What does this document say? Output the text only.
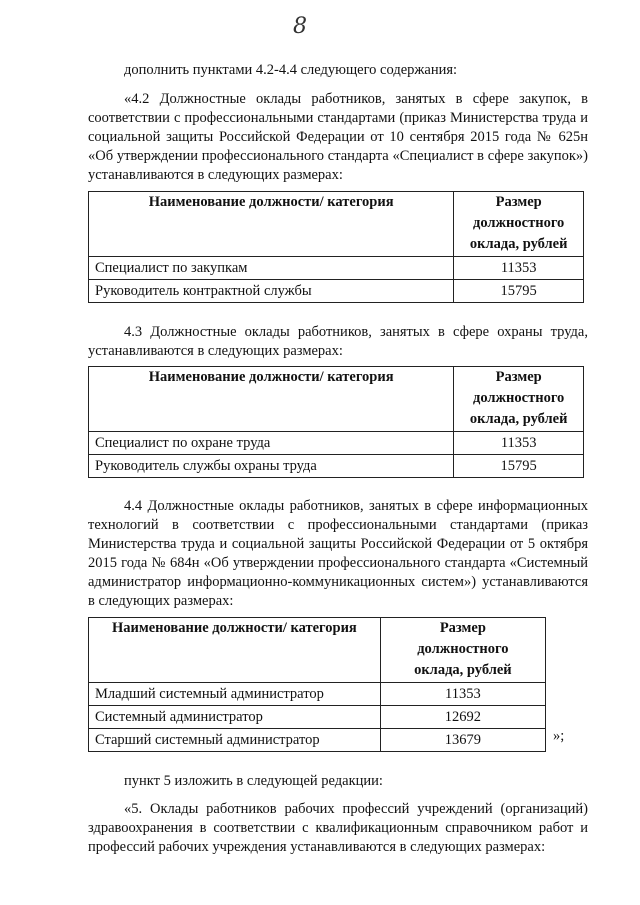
8
дополнить пунктами 4.2-4.4 следующего содержания:
«4.2 Должностные оклады работников, занятых в сфере закупок, в соответствии с профессиональными стандартами (приказ Министерства труда и социальной защиты Российской Федерации от 10 сентября 2015 года № 625н «Об утверждении профессионального стандарта «Специалист в сфере закупок») устанавливаются в следующих размерах:
Наименование должности/ категория	Размер
должностного
оклада, рублей

Специалист по закупкам	11353
Руководитель контрактной службы	15795
4.3 Должностные оклады работников, занятых в сфере охраны труда, устанавливаются в следующих размерах:
Наименование должности/ категория	Размер
должностного
оклада, рублей

Специалист по охране труда	11353
Руководитель службы охраны труда	15795
4.4 Должностные оклады работников, занятых в сфере информационных технологий в соответствии с профессиональными стандартами (приказ Министерства труда и социальной защиты Российской Федерации от 5 октября 2015 года № 684н «Об утверждении профессионального стандарта «Системный администратор информационно-коммуникационных систем») устанавливаются в следующих размерах:
Наименование должности/ категория	Размер
должностного
оклада, рублей

Младший системный администратор	11353
Системный администратор	12692
Старший системный администратор	13679	»;
пункт 5 изложить в следующей редакции:
«5. Оклады работников рабочих профессий учреждений (организаций) здравоохранения в соответствии с квалификационным справочником работ и профессий рабочих учреждения устанавливаются в следующих размерах:
